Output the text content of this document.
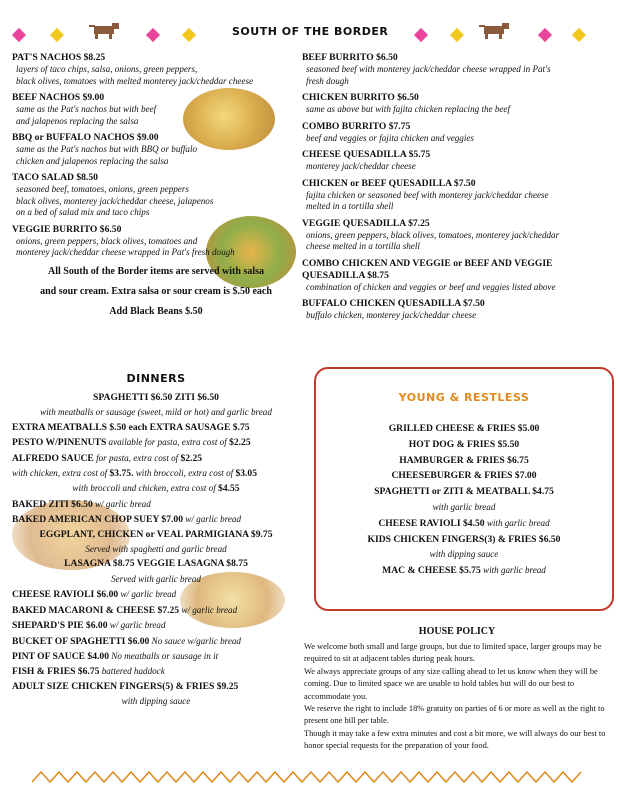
SOUTH OF THE BORDER

PAT'S NACHOS $8.25

layers of taco chips, salsa, onions, green peppers,

black olives, tomatoes with melted monterey jack/cheddar cheese

BEEF NACHOS $9.00

same as the Pat's nachos but with beef

and jalapenos replacing the salsa

BBQ or BUFFALO NACHOS $9.00

same as the Pat's nachos but with BBQ or buffalo

chicken and jalapenos replacing the salsa

TACO SALAD $8.50

seasoned beef, tomatoes, onions, green peppers

black olives, monterey jack/cheddar cheese, jalapenos

on a bed of salad mix and taco chips

VEGGIE BURRITO $6.50

onions, green peppers, black olives, tomatoes and

monterey jack/cheddar cheese wrapped in Pat's fresh dough

All South of the Border items are served with salsa

and sour cream. Extra salsa or sour cream is $.50 each

Add Black Beans $.50

BEEF BURRITO $6.50

seasoned beef with monterey jack/cheddar cheese wrapped in Pat's

fresh dough

CHICKEN BURRITO $6.50

same as above but with fajita chicken replacing the beef

COMBO BURRITO $7.75

beef and veggies or fajita chicken and veggies

CHEESE QUESADILLA $5.75

monterey jack/cheddar cheese

CHICKEN or BEEF QUESADILLA $7.50

fajita chicken or seasoned beef with monterey jack/cheddar cheese

melted in a tortilla shell

VEGGIE QUESADILLA $7.25

onions, green peppers, black olives, tomatoes, monterey jack/cheddar

cheese melted in a tortilla shell

COMBO CHICKEN AND VEGGIE or BEEF AND VEGGIE

QUESADILLA $8.75

combination of chicken and veggies or beef and veggies listed above

BUFFALO CHICKEN QUESADILLA $7.50

buffalo chicken, monterey jack/cheddar cheese

DINNERS

SPAGHETTI $6.50 ZITI $6.50

with meatballs or sausage (sweet, mild or hot) and garlic bread

EXTRA MEATBALLS $.50 each EXTRA SAUSAGE $.75

PESTO W/PINENUTS available for pasta, extra cost of $2.25

ALFREDO SAUCE for pasta, extra cost of $2.25

with chicken, extra cost of $3.75. with broccoli, extra cost of $3.05

with broccoli and chicken, extra cost of $4.55

BAKED ZITI $6.50 w/ garlic bread

BAKED AMERICAN CHOP SUEY $7.00 w/ garlic bread

EGGPLANT, CHICKEN or VEAL PARMIGIANA $9.75

Served with spaghetti and garlic bread

LASAGNA $8.75 VEGGIE LASAGNA $8.75

Served with garlic bread

CHEESE RAVIOLI $6.00 w/ garlic bread

BAKED MACARONI & CHEESE $7.25 w/ garlic bread

SHEPARD'S PIE $6.00 w/ garlic bread

BUCKET OF SPAGHETTI $6.00 No sauce w/garlic bread

PINT OF SAUCE $4.00 No meatballs or sausage in it

FISH & FRIES $6.75 battered haddock

ADULT SIZE CHICKEN FINGERS(5) & FRIES $9.25

with dipping sauce

YOUNG & RESTLESS

GRILLED CHEESE & FRIES $5.00

HOT DOG & FRIES $5.50

HAMBURGER & FRIES $6.75

CHEESEBURGER & FRIES $7.00

SPAGHETTI or ZITI & MEATBALL $4.75

with garlic bread

CHEESE RAVIOLI $4.50 with garlic bread

KIDS CHICKEN FINGERS(3) & FRIES $6.50

with dipping sauce

MAC & CHEESE $5.75 with garlic bread

HOUSE POLICY

We welcome both small and large groups, but due to limited space, larger groups may be required to sit at adjacent tables during peak hours.

We always appreciate groups of any size calling ahead to let us know when they will be coming. Due to limited space we are unable to hold tables but will do our best to accommodate you.

We reserve the right to include 18% gratuity on parties of 6 or more as well as the right to present one bill per table.

Though it may take a few extra minutes and cost a bit more, we will always do our best to honor special requests for the preparation of your food.
